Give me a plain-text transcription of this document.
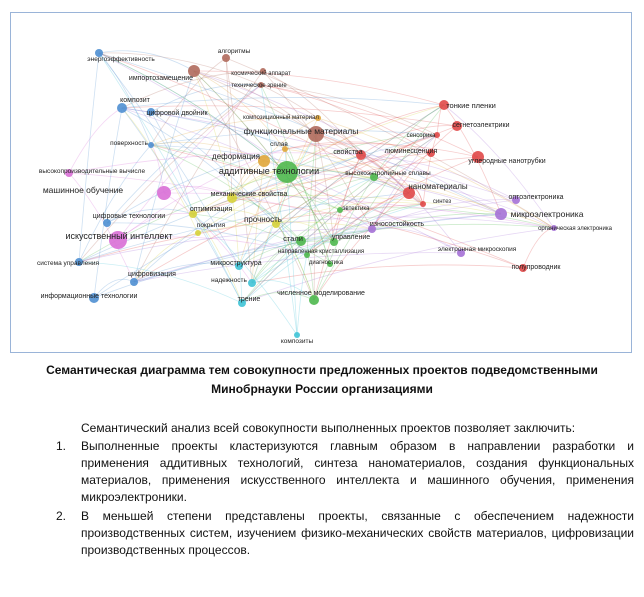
алгоритмы
энергоэффективность
импортозамещение
космический аппарат
техническое зрение
композит
цифровой двойник
композиционный материал
тонкие пленки
функциональные материалы
сегнетоэлектрики
поверхность
сенсорика
люминесценция
деформация
сплав
свойства
высокопроизводительные вычисле	аддитивные технологии	высокоэнтропийные сплавы
углеродные нанотрубки
машинное обучение	механические свойства
наноматериалы
оптоэлектроника
синтез
оптимизация
цифровые технологии
эвтектика	микроэлектроника
прочность
покрытия	износостойкость
органическая электроника
искусственный интеллект	стали	управление
направленная кристаллизация	электронная микроскопия
система управления	микроструктура	диагностика
полупроводник
цифровизация
надежность
информационные технологии	трение
численное моделирование
композиты
Семантическая диаграмма тем совокупности предложенных проектов подведомственными Минобрнауки России организациями

Семантический анализ всей совокупности выполненных проектов позволяет заключить:

1. Выполненные проекты кластеризуются главным образом в направлении разработки и применения аддитивных технологий, синтеза наноматериалов, создания функциональных материалов, применения искусственного интеллекта и машинного обучения, применения микроэлектроники.
2. В меньшей степени представлены проекты, связанные с обеспечением надежности производственных систем, изучением физико-механических свойств материалов, цифровизации производственных процессов.
